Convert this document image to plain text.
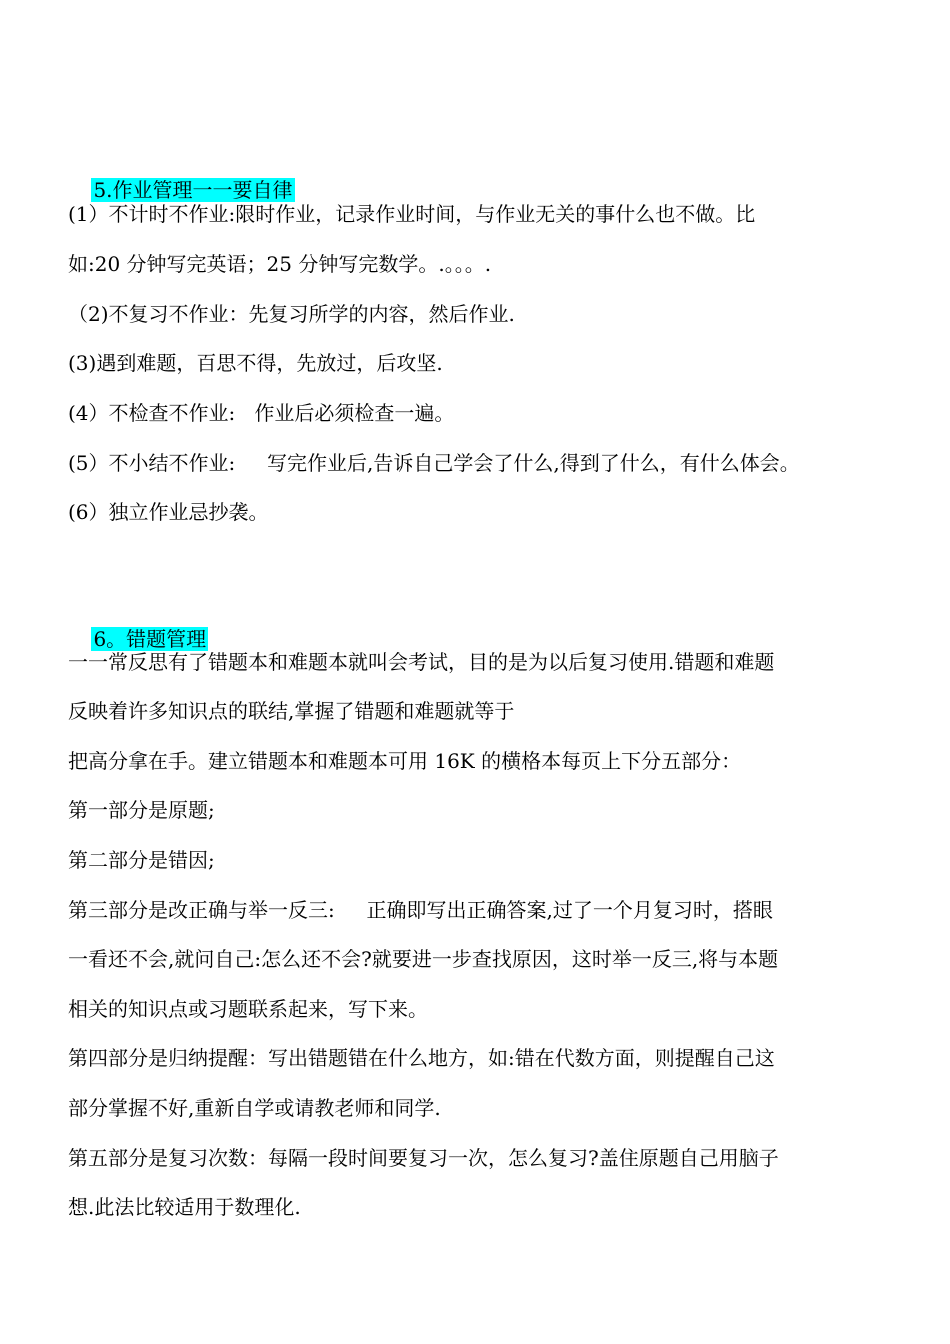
5.作业管理一一要自律

(1）不计时不作业:限时作业，记录作业时间，与作业无关的事什么也不做。比
如:20 分钟写完英语；25 分钟写完数学。.。。。.
（2)不复习不作业：先复习所学的内容，然后作业.
(3)遇到难题，百思不得，先放过，后攻坚.
(4）不检查不作业:   作业后必须检查一遍。
(5）不小结不作业:     写完作业后,告诉自己学会了什么,得到了什么，有什么体会。
(6）独立作业忌抄袭。

6。错题管理

一一常反思有了错题本和难题本就叫会考试，目的是为以后复习使用.错题和难题
反映着许多知识点的联结,掌握了错题和难题就等于
把高分拿在手。建立错题本和难题本可用 16K 的横格本每页上下分五部分：
第一部分是原题;
第二部分是错因;
第三部分是改正确与举一反三:     正确即写出正确答案,过了一个月复习时，搭眼
一看还不会,就问自己:怎么还不会?就要进一步查找原因，这时举一反三,将与本题
相关的知识点或习题联系起来，写下来。
第四部分是归纳提醒：写出错题错在什么地方，如:错在代数方面，则提醒自己这
部分掌握不好,重新自学或请教老师和同学.
第五部分是复习次数：每隔一段时间要复习一次，怎么复习?盖住原题自己用脑子
想.此法比较适用于数理化.
